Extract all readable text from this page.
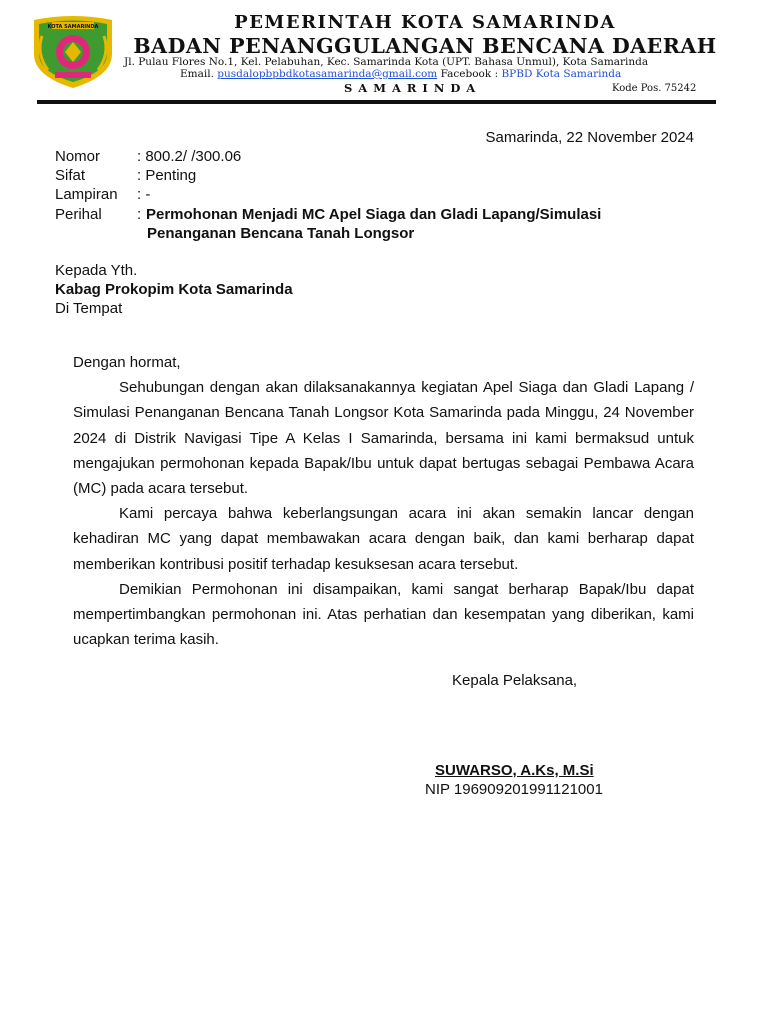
KOTA SAMARINDA	PEMERINTAH KOTA SAMARINDA
BADAN PENANGGULANGAN BENCANA DAERAH
Jl. Pulau Flores No.1, Kel. Pelabuhan, Kec. Samarinda Kota (UPT. Bahasa Unmul), Kota Samarinda
Email. pusdalopbpbdkotasamarinda@gmail.com Facebook : BPBD Kota Samarinda
SAMARINDA	Kode Pos. 75242
Samarinda, 22 November 2024
Nomor : 800.2/ /300.06
Sifat	: Penting
Lampiran : -
Perihal : Permohonan Menjadi MC Apel Siaga dan Gladi Lapang/Simulasi
Penanganan Bencana Tanah Longsor
Kepada Yth.
Kabag Prokopim Kota Samarinda
Di Tempat

Dengan hormat,

Sehubungan dengan akan dilaksanakannya kegiatan Apel Siaga dan Gladi Lapang / Simulasi Penanganan Bencana Tanah Longsor Kota Samarinda pada Minggu, 24 November 2024 di Distrik Navigasi Tipe A Kelas I Samarinda, bersama ini kami bermaksud untuk mengajukan permohonan kepada Bapak/Ibu untuk dapat bertugas sebagai Pembawa Acara (MC) pada acara tersebut.

Kami percaya bahwa keberlangsungan acara ini akan semakin lancar dengan kehadiran MC yang dapat membawakan acara dengan baik, dan kami berharap dapat memberikan kontribusi positif terhadap kesuksesan acara tersebut.

Demikian Permohonan ini disampaikan, kami sangat berharap Bapak/Ibu dapat mempertimbangkan permohonan ini. Atas perhatian dan kesempatan yang diberikan, kami ucapkan terima kasih.

Kepala Pelaksana,
SUWARSO, A.Ks, M.Si
NIP 196909201991121001
